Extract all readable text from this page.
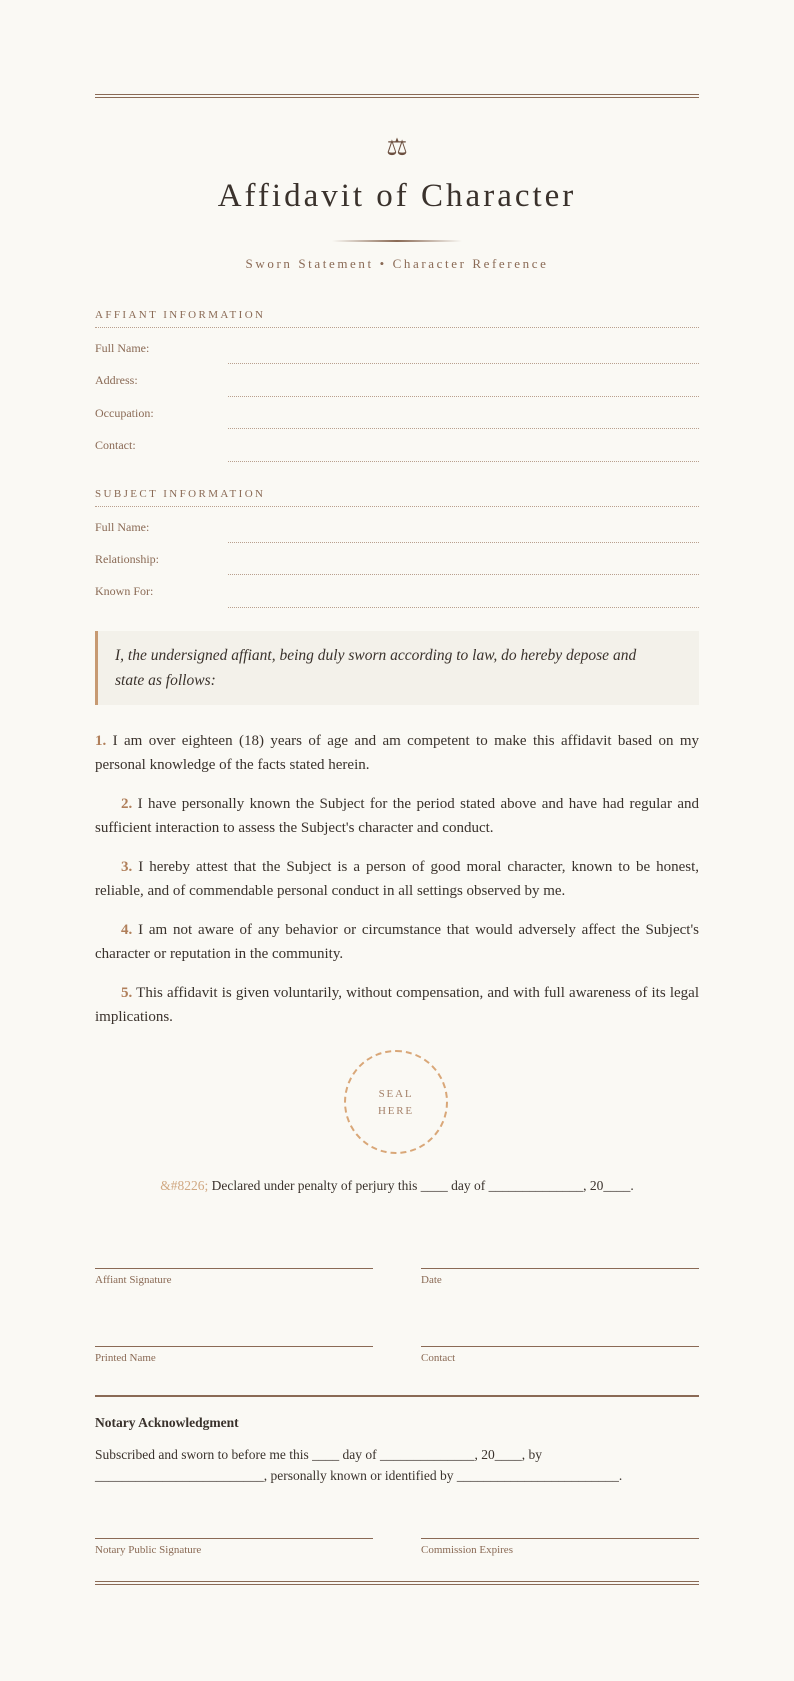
⚖
Affidavit of Character
Sworn Statement • Character Reference
AFFIANT INFORMATION
Full Name:
Address:
Occupation:
Contact:
SUBJECT INFORMATION
Full Name:
Relationship:
Known For:
I, the undersigned affiant, being duly sworn according to law, do hereby depose and state as follows:
1. I am over eighteen (18) years of age and am competent to make this affidavit based on my personal knowledge of the facts stated herein.
2. I have personally known the Subject for the period stated above and have had regular and sufficient interaction to assess the Subject's character and conduct.
3. I hereby attest that the Subject is a person of good moral character, known to be honest, reliable, and of commendable personal conduct in all settings observed by me.
4. I am not aware of any behavior or circumstance that would adversely affect the Subject's character or reputation in the community.
5. This affidavit is given voluntarily, without compensation, and with full awareness of its legal implications.
SEAL
HERE
&#8226; Declared under penalty of perjury this ____ day of ______________, 20____.
Affiant Signature	Date
Printed Name	Contact
Notary Acknowledgment
Subscribed and sworn to before me this ____ day of ______________, 20____, by
_________________________, personally known or identified by ________________________.
Notary Public Signature	Commission Expires
